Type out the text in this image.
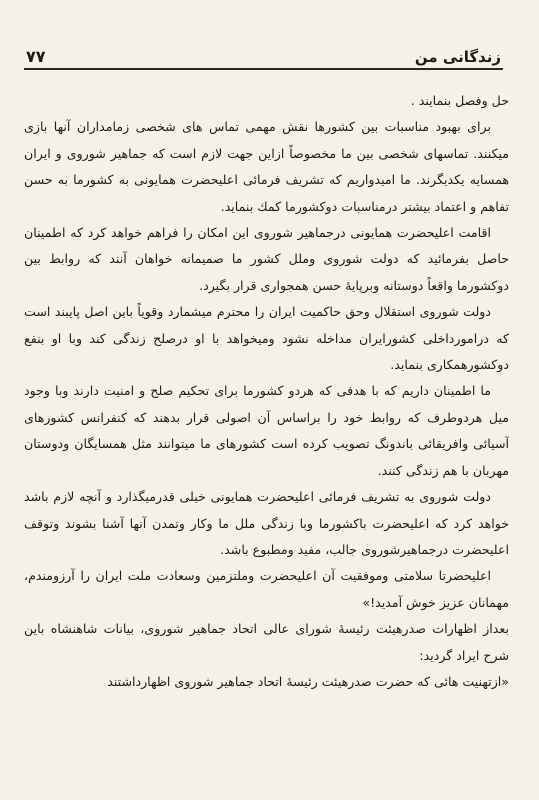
زندگانی من
۷۷

حل وفصل بنمایند .

برای بهبود مناسبات بین کشورها نقش مهمی تماس های شخصی زمامداران آنها بازی میکنند. تماسهای شخصی بین ما مخصوصاً ازاین جهت لازم است که جماهیر شوروی و ایران همسایه یکدیگرند. ما امیدواریم که تشریف فرمائی اعلیحضرت همایونی به کشورما به حسن تفاهم و اعتماد بیشتر درمناسبات دوکشورما کمك بنماید.

اقامت اعلیحضرت همایونی درجماهیر شوروی این امکان را فراهم خواهد کرد که اطمینان حاصل بفرمائید که دولت شوروی وملل کشور ما صمیمانه خواهان آنند که روابط بین دوکشورما واقعاً دوستانه وبرپایهٔ حسن همجواری قرار بگیرد.

دولت شوروی استقلال وحق حاکمیت ایران را محترم میشمارد وقویاً باین اصل پایبند است که درامورداخلی کشورایران مداخله نشود ومیخواهد با او درصلح زندگی کند وبا او بنفع دوکشورهمکاری بنماید.

ما اطمینان داریم که با هدفی که هردو کشورما برای تحکیم صلح و امنیت دارند وبا وجود میل هردوطرف که روابط خود را براساس آن اصولی قرار بدهند که کنفرانس کشورهای آسیائی وافریقائی باندونگ تصویب کرده است کشورهای ما میتوانند مثل همسایگان ودوستان مهربان با هم زندگی کنند.

دولت شوروی به تشریف فرمائی اعلیحضرت همایونی خیلی قدرمیگذارد و آنچه لازم باشد خواهد کرد که اعلیحضرت باکشورما وبا زندگی ملل ما وکار وتمدن آنها آشنا بشوند وتوقف اعلیحضرت درجماهیرشوروی جالب، مفید ومطبوع باشد.

اعلیحضرتا سلامتی وموفقیت آن اعلیحضرت وملتزمین وسعادت ملت ایران را آرزومندم، مهمانان عزیز خوش آمدید!»

بعداز اظهارات صدرهیئت رئیسهٔ شورای عالی اتحاد جماهیر شوروی، بیانات شاهنشاه باین شرح ایراد گردید:

«ازتهنیت هائی که حضرت صدرهیئت رئیسهٔ اتحاد جماهیر شوروی اظهارداشتند
